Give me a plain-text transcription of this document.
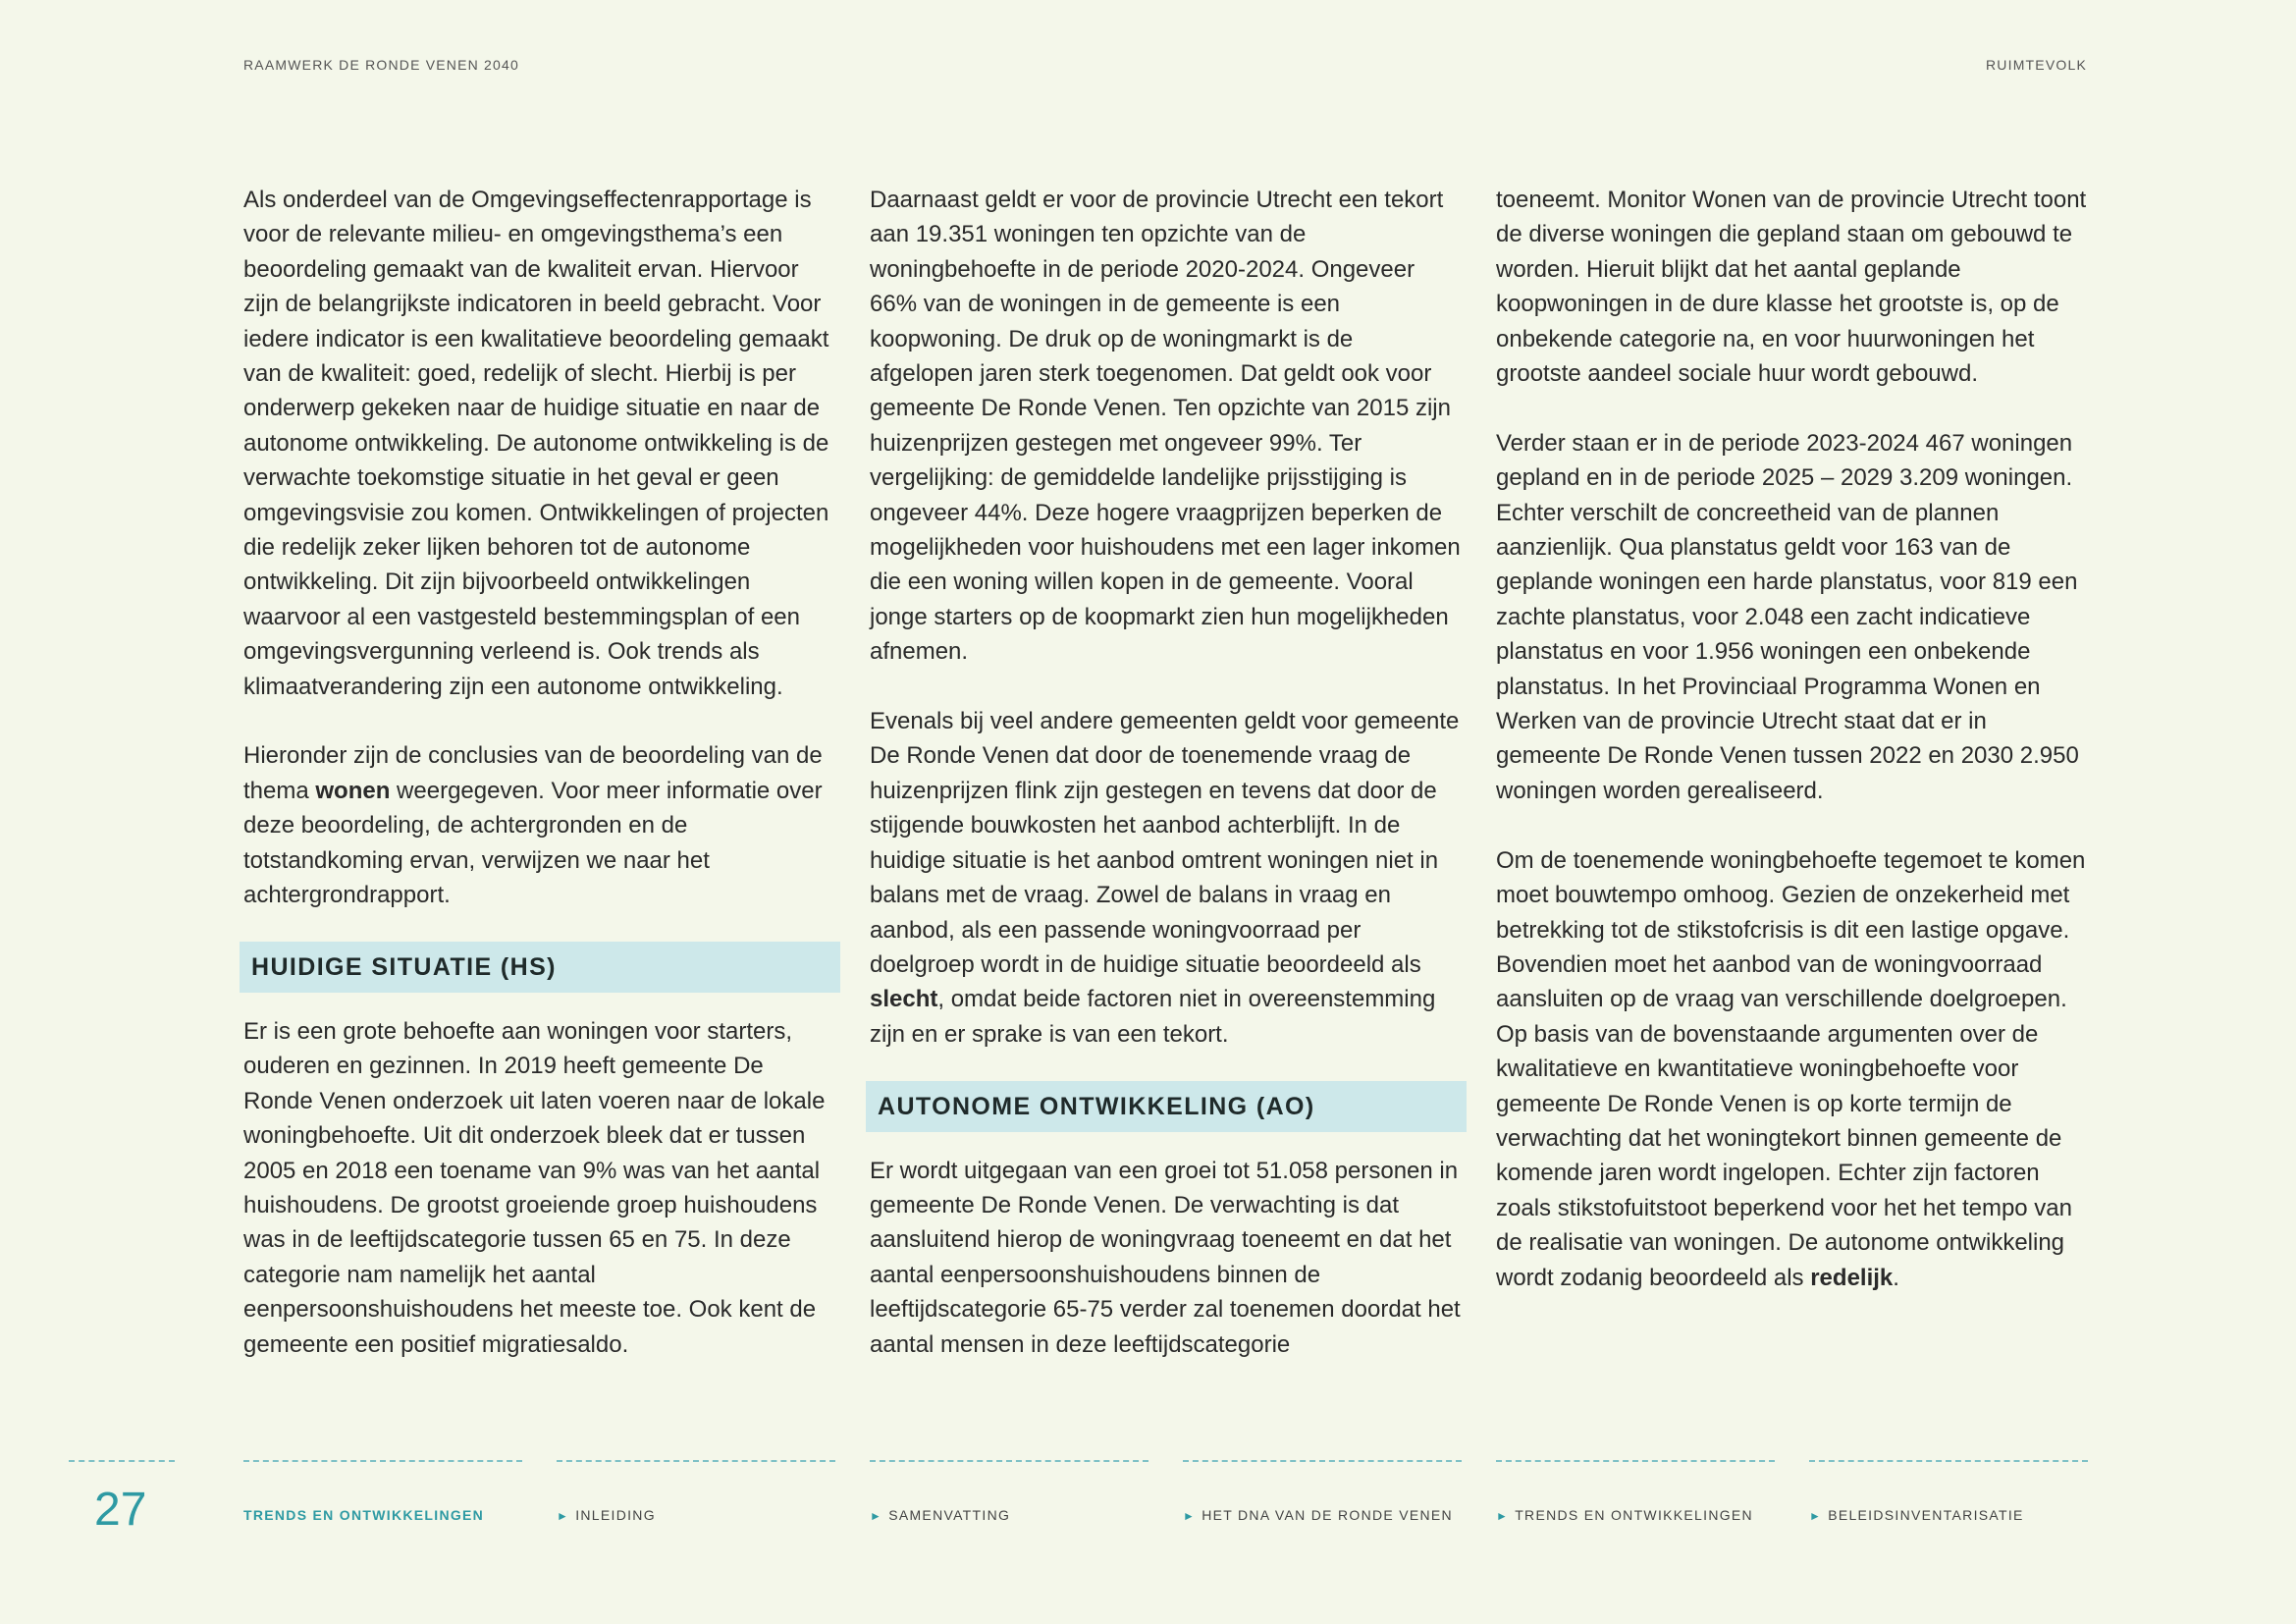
RAAMWERK DE RONDE VENEN 2040	RUIMTEVOLK

Als onderdeel van de Omgevingseffectenrapportage is voor de relevante milieu- en omgevingsthema’s een beoordeling gemaakt van de kwaliteit ervan. Hiervoor zijn de belangrijkste indicatoren in beeld gebracht. Voor iedere indicator is een kwalitatieve beoordeling gemaakt van de kwaliteit: goed, redelijk of slecht. Hierbij is per onderwerp gekeken naar de huidige situatie en naar de autonome ontwikkeling. De autonome ontwikkeling is de verwachte toekomstige situatie in het geval er geen omgevingsvisie zou komen. Ontwikkelingen of projecten die redelijk zeker lijken behoren tot de autonome ontwikkeling. Dit zijn bijvoorbeeld ontwikkelingen waarvoor al een vastgesteld bestemmingsplan of een omgevingsvergunning verleend is. Ook trends als klimaatverandering zijn een autonome ontwikkeling.

Hieronder zijn de conclusies van de beoordeling van de thema wonen weergegeven. Voor meer informatie over deze beoordeling, de achtergronden en de totstandkoming ervan, verwijzen we naar het achtergrondrapport.

HUIDIGE SITUATIE (HS)

Er is een grote behoefte aan woningen voor starters, ouderen en gezinnen. In 2019 heeft gemeente De Ronde Venen onderzoek uit laten voeren naar de lokale woningbehoefte. Uit dit onderzoek bleek dat er tussen 2005 en 2018 een toename van 9% was van het aantal huishoudens. De grootst groeiende groep huishoudens was in de leeftijdscategorie tussen 65 en 75. In deze categorie nam namelijk het aantal eenpersoonshuishoudens het meeste toe. Ook kent de gemeente een positief migratiesaldo.

Daarnaast geldt er voor de provincie Utrecht een tekort aan 19.351 woningen ten opzichte van de woningbehoefte in de periode 2020-2024. Ongeveer 66% van de woningen in de gemeente is een koopwoning. De druk op de woningmarkt is de afgelopen jaren sterk toegenomen. Dat geldt ook voor gemeente De Ronde Venen. Ten opzichte van 2015 zijn huizenprijzen gestegen met ongeveer 99%. Ter vergelijking: de gemiddelde landelijke prijsstijging is ongeveer 44%. Deze hogere vraagprijzen beperken de mogelijkheden voor huishoudens met een lager inkomen die een woning willen kopen in de gemeente. Vooral jonge starters op de koopmarkt zien hun mogelijkheden afnemen.

Evenals bij veel andere gemeenten geldt voor gemeente De Ronde Venen dat door de toenemende vraag de huizenprijzen flink zijn gestegen en tevens dat door de stijgende bouwkosten het aanbod achterblijft. In de huidige situatie is het aanbod omtrent woningen niet in balans met de vraag. Zowel de balans in vraag en aanbod, als een passende woningvoorraad per doelgroep wordt in de huidige situatie beoordeeld als slecht, omdat beide factoren niet in overeenstemming zijn en er sprake is van een tekort.

AUTONOME ONTWIKKELING (AO)

Er wordt uitgegaan van een groei tot 51.058 personen in gemeente De Ronde Venen. De verwachting is dat aansluitend hierop de woningvraag toeneemt en dat het aantal eenpersoonshuishoudens binnen de leeftijdscategorie 65-75 verder zal toenemen doordat het aantal mensen in deze leeftijdscategorie

toeneemt. Monitor Wonen van de provincie Utrecht toont de diverse woningen die gepland staan om gebouwd te worden. Hieruit blijkt dat het aantal geplande koopwoningen in de dure klasse het grootste is, op de onbekende categorie na, en voor huurwoningen het grootste aandeel sociale huur wordt gebouwd.

Verder staan er in de periode 2023-2024 467 woningen gepland en in de periode 2025 – 2029 3.209 woningen. Echter verschilt de concreetheid van de plannen aanzienlijk. Qua planstatus geldt voor 163 van de geplande woningen een harde planstatus, voor 819 een zachte planstatus, voor 2.048 een zacht indicatieve planstatus en voor 1.956 woningen een onbekende planstatus. In het Provinciaal Programma Wonen en Werken van de provincie Utrecht staat dat er in gemeente De Ronde Venen tussen 2022 en 2030 2.950 woningen worden gerealiseerd.

Om de toenemende woningbehoefte tegemoet te komen moet bouwtempo omhoog. Gezien de onzekerheid met betrekking tot de stikstofcrisis is dit een lastige opgave. Bovendien moet het aanbod van de woningvoorraad aansluiten op de vraag van verschillende doelgroepen. Op basis van de bovenstaande argumenten over de kwalitatieve en kwantitatieve woningbehoefte voor gemeente De Ronde Venen is op korte termijn de verwachting dat het woningtekort binnen gemeente de komende jaren wordt ingelopen. Echter zijn factoren zoals stikstofuitstoot beperkend voor het het tempo van de realisatie van woningen. De autonome ontwikkeling wordt zodanig beoordeeld als redelijk.

27	TRENDS EN ONTWIKKELINGEN	► INLEIDING	► SAMENVATTING	► HET DNA VAN DE RONDE VENEN	► TRENDS EN ONTWIKKELINGEN	► BELEIDSINVENTARISATIE
